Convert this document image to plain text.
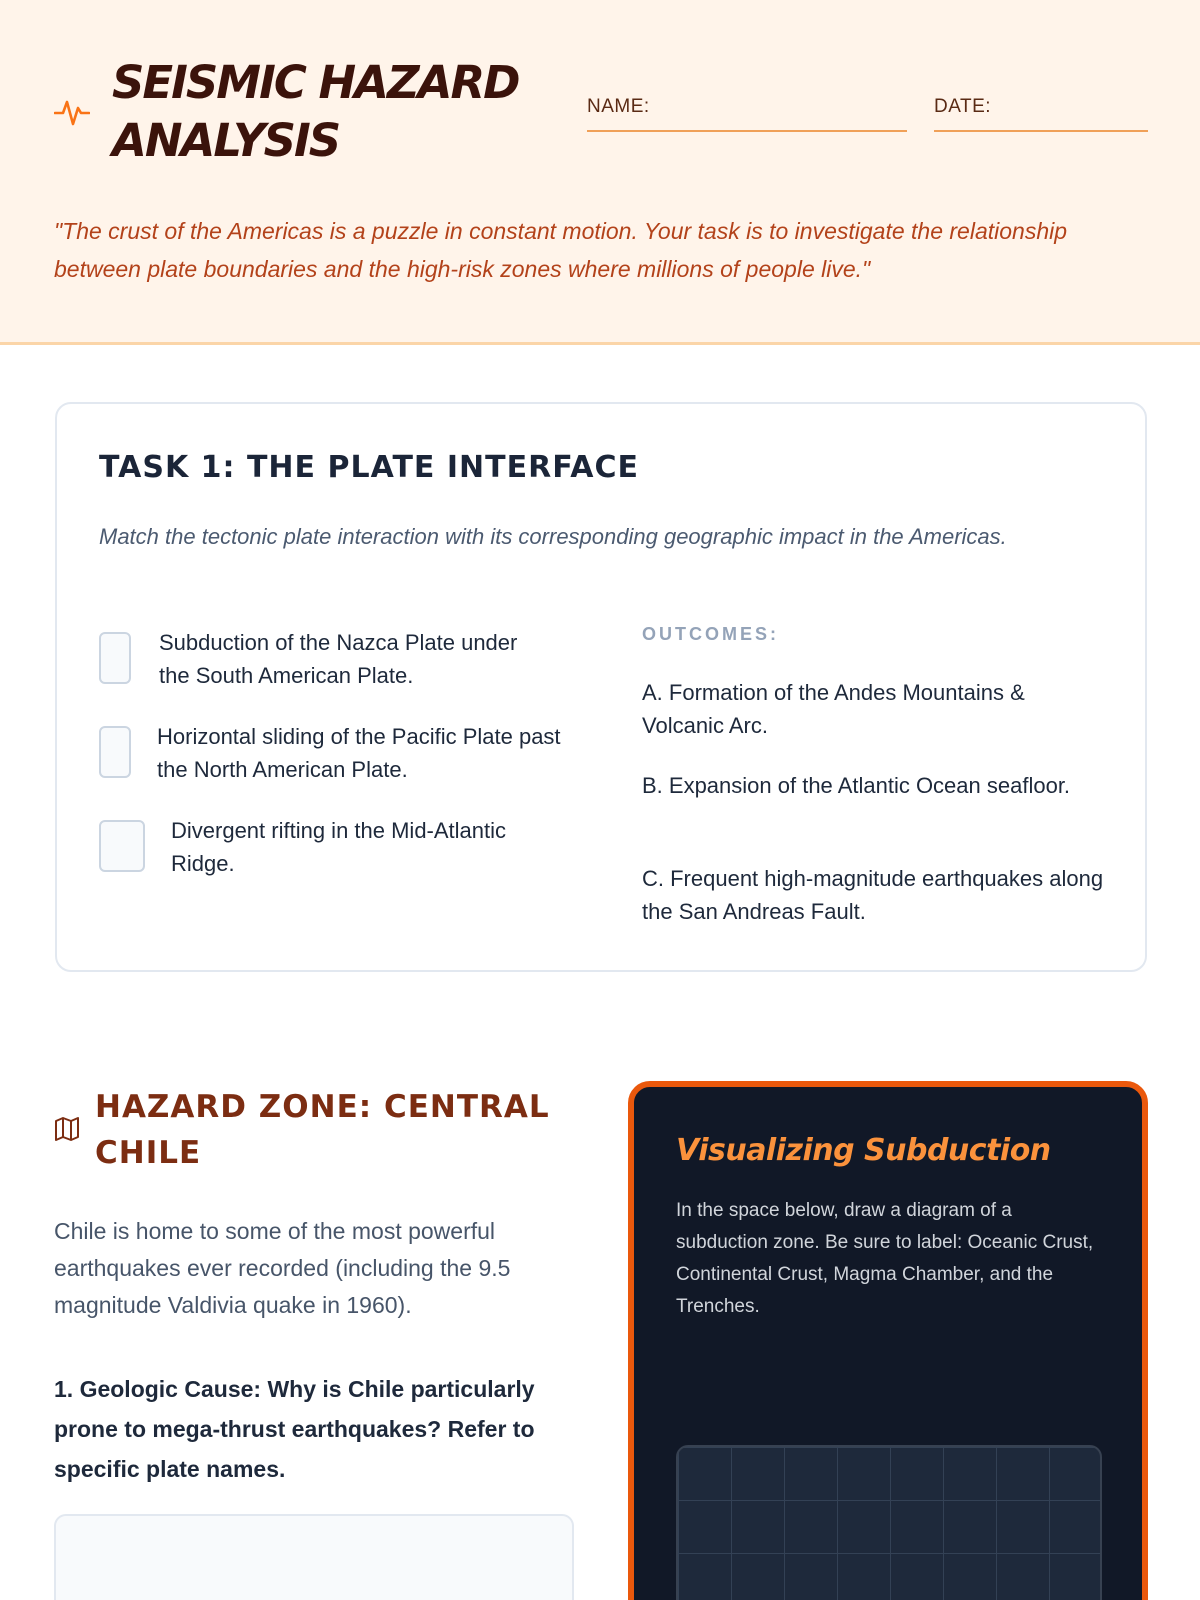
SEISMIC HAZARD
ANALYSIS
NAME:	DATE:
"The crust of the Americas is a puzzle in constant motion. Your task is to investigate the relationship between plate boundaries and the high-risk zones where millions of people live."
TASK 1: THE PLATE INTERFACE
Match the tectonic plate interaction with its corresponding geographic impact in the Americas.
Subduction of the Nazca Plate under the South American Plate.
Horizontal sliding of the Pacific Plate past the North American Plate.
Divergent rifting in the Mid-Atlantic Ridge.
OUTCOMES:
A. Formation of the Andes Mountains & Volcanic Arc.
B. Expansion of the Atlantic Ocean seafloor.
C. Frequent high-magnitude earthquakes along the San Andreas Fault.
HAZARD ZONE: CENTRAL CHILE
Chile is home to some of the most powerful earthquakes ever recorded (including the 9.5 magnitude Valdivia quake in 1960).
1. Geologic Cause: Why is Chile particularly prone to mega-thrust earthquakes? Refer to specific plate names.
Visualizing Subduction
In the space below, draw a diagram of a subduction zone. Be sure to label: Oceanic Crust, Continental Crust, Magma Chamber, and the Trenches.
